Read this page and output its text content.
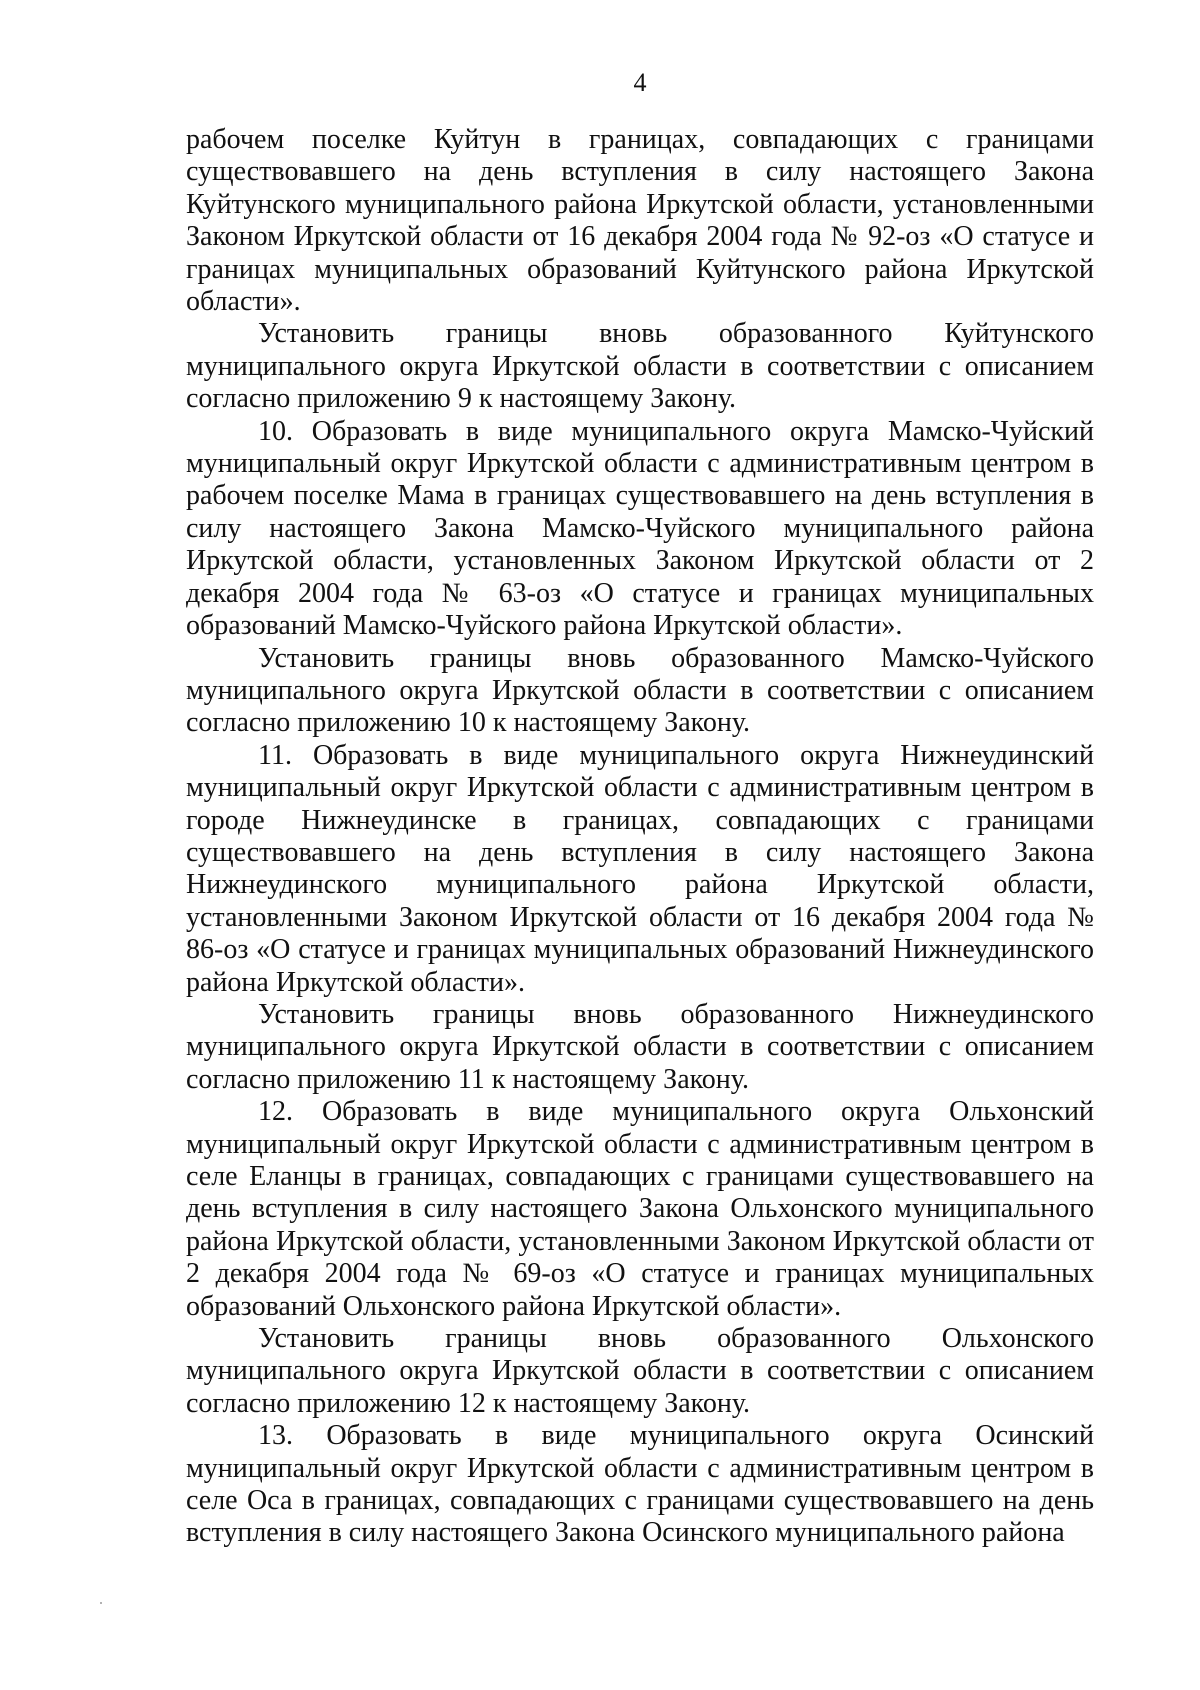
4

рабочем поселке Куйтун в границах, совпадающих с границами существовавшего на день вступления в силу настоящего Закона Куйтунского муниципального района Иркутской области, установленными Законом Иркутской области от 16 декабря 2004 года № 92-оз «О статусе и границах муниципальных образований Куйтунского района Иркутской области».

Установить границы вновь образованного Куйтунского муниципального округа Иркутской области в соответствии с описанием согласно приложению 9 к настоящему Закону.

10. Образовать в виде муниципального округа Мамско-Чуйский муниципальный округ Иркутской области с административным центром в рабочем поселке Мама в границах существовавшего на день вступления в силу настоящего Закона Мамско-Чуйского муниципального района Иркутской области, установленных Законом Иркутской области от 2 декабря 2004 года № 63-оз «О статусе и границах муниципальных образований Мамско-Чуйского района Иркутской области».

Установить границы вновь образованного Мамско-Чуйского муниципального округа Иркутской области в соответствии с описанием согласно приложению 10 к настоящему Закону.

11. Образовать в виде муниципального округа Нижнеудинский муниципальный округ Иркутской области с административным центром в городе Нижнеудинске в границах, совпадающих с границами существовавшего на день вступления в силу настоящего Закона Нижнеудинского муниципального района Иркутской области, установленными Законом Иркутской области от 16 декабря 2004 года № 86-оз «О статусе и границах муниципальных образований Нижнеудинского района Иркутской области».

Установить границы вновь образованного Нижнеудинского муниципального округа Иркутской области в соответствии с описанием согласно приложению 11 к настоящему Закону.

12. Образовать в виде муниципального округа Ольхонский муниципальный округ Иркутской области с административным центром в селе Еланцы в границах, совпадающих с границами существовавшего на день вступления в силу настоящего Закона Ольхонского муниципального района Иркутской области, установленными Законом Иркутской области от 2 декабря 2004 года № 69-оз «О статусе и границах муниципальных образований Ольхонского района Иркутской области».

Установить границы вновь образованного Ольхонского муниципального округа Иркутской области в соответствии с описанием согласно приложению 12 к настоящему Закону.

13. Образовать в виде муниципального округа Осинский муниципальный округ Иркутской области с административным центром в селе Оса в границах, совпадающих с границами существовавшего на день вступления в силу настоящего Закона Осинского муниципального района
